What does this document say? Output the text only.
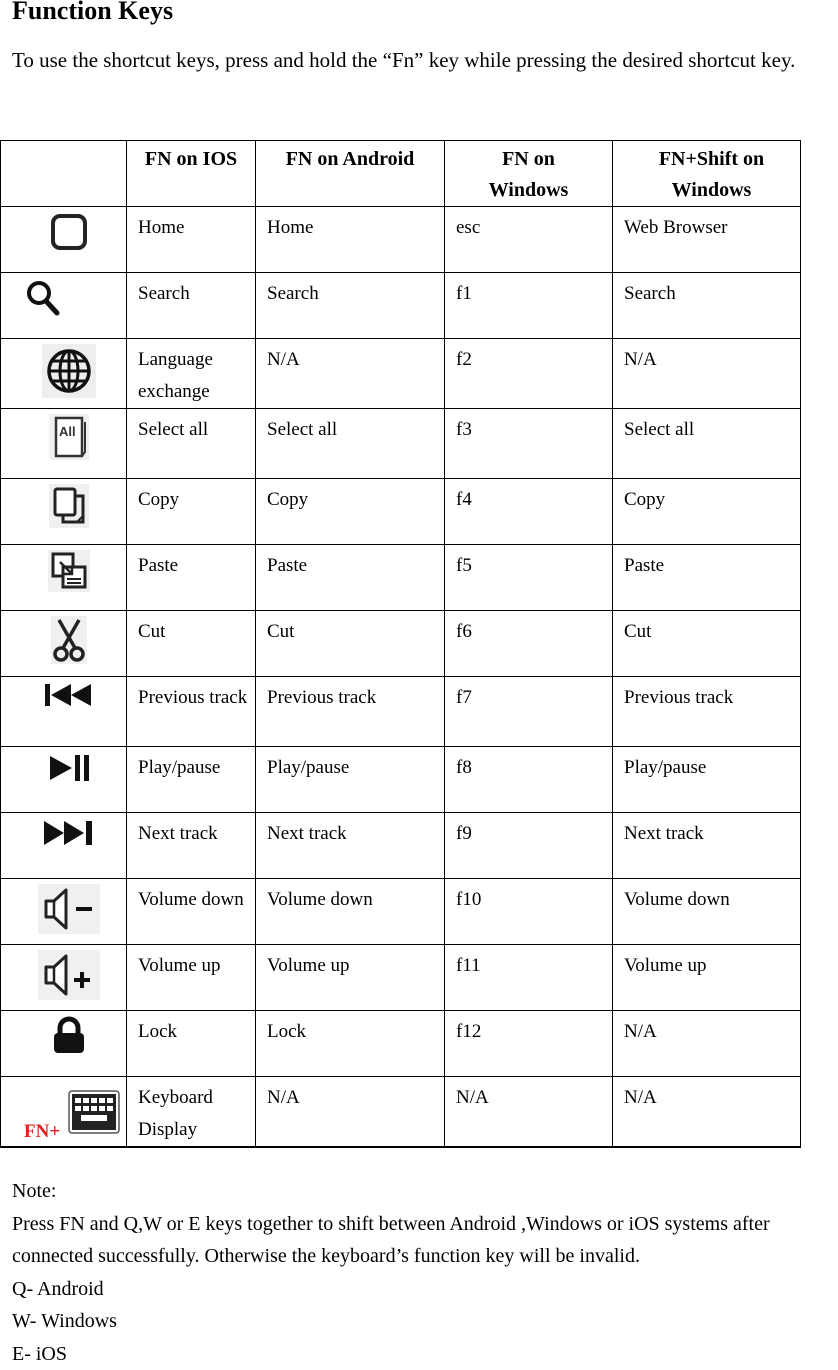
Function Keys

To use the shortcut keys, press and hold the “Fn” key while pressing the desired shortcut key.

	FN on IOS	FN on Android	FN on Windows	FN+Shift on Windows

	Home	Home	esc	Web Browser

	Search	Search	f1	Search

	Language exchange	N/A	f2	N/A

All	Select all	Select all	f3	Select all

	Copy	Copy	f4	Copy

	Paste	Paste	f5	Paste

	Cut	Cut	f6	Cut

	Previous track	Previous track	f7	Previous track

	Play/pause	Play/pause	f8	Play/pause

	Next track	Next track	f9	Next track

	Volume down	Volume down	f10	Volume down

	Volume up	Volume up	f11	Volume up

	Lock	Lock	f12	N/A

FN+	Keyboard Display	N/A	N/A	N/A

Note:

Press FN and Q,W or E keys together to shift between Android ,Windows or iOS systems after connected successfully. Otherwise the keyboard’s function key will be invalid.

Q- Android

W- Windows

E- iOS
